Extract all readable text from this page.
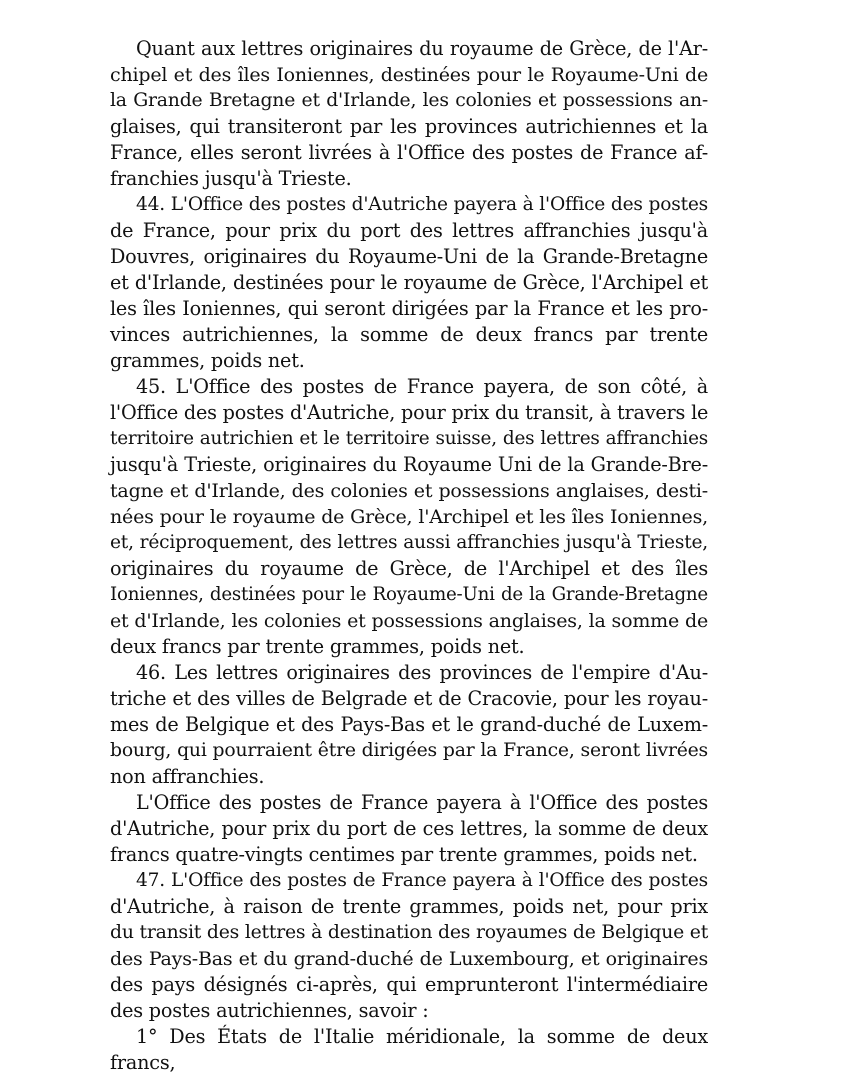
Quant aux lettres originaires du royaume de Grèce, de l'Ar-
chipel et des îles Ioniennes, destinées pour le Royaume-Uni de
la Grande Bretagne et d'Irlande, les colonies et possessions an-
glaises, qui transiteront par les provinces autrichiennes et la
France, elles seront livrées à l'Office des postes de France af-
franchies jusqu'à Trieste.

44. L'Office des postes d'Autriche payera à l'Office des postes
de France, pour prix du port des lettres affranchies jusqu'à
Douvres, originaires du Royaume-Uni de la Grande-Bretagne
et d'Irlande, destinées pour le royaume de Grèce, l'Archipel et
les îles Ioniennes, qui seront dirigées par la France et les pro-
vinces autrichiennes, la somme de deux francs par trente
grammes, poids net.

45. L'Office des postes de France payera, de son côté, à
l'Office des postes d'Autriche, pour prix du transit, à travers le
territoire autrichien et le territoire suisse, des lettres affranchies
jusqu'à Trieste, originaires du Royaume Uni de la Grande-Bre-
tagne et d'Irlande, des colonies et possessions anglaises, desti-
nées pour le royaume de Grèce, l'Archipel et les îles Ioniennes,
et, réciproquement, des lettres aussi affranchies jusqu'à Trieste,
originaires du royaume de Grèce, de l'Archipel et des îles
Ioniennes, destinées pour le Royaume-Uni de la Grande-Bretagne
et d'Irlande, les colonies et possessions anglaises, la somme de
deux francs par trente grammes, poids net.

46. Les lettres originaires des provinces de l'empire d'Au-
triche et des villes de Belgrade et de Cracovie, pour les royau-
mes de Belgique et des Pays-Bas et le grand-duché de Luxem-
bourg, qui pourraient être dirigées par la France, seront livrées
non affranchies.

L'Office des postes de France payera à l'Office des postes
d'Autriche, pour prix du port de ces lettres, la somme de deux
francs quatre-vingts centimes par trente grammes, poids net.

47. L'Office des postes de France payera à l'Office des postes
d'Autriche, à raison de trente grammes, poids net, pour prix
du transit des lettres à destination des royaumes de Belgique et
des Pays-Bas et du grand-duché de Luxembourg, et originaires
des pays désignés ci-après, qui emprunteront l'intermédiaire
des postes autrichiennes, savoir :

1° Des États de l'Italie méridionale, la somme de deux
francs,
